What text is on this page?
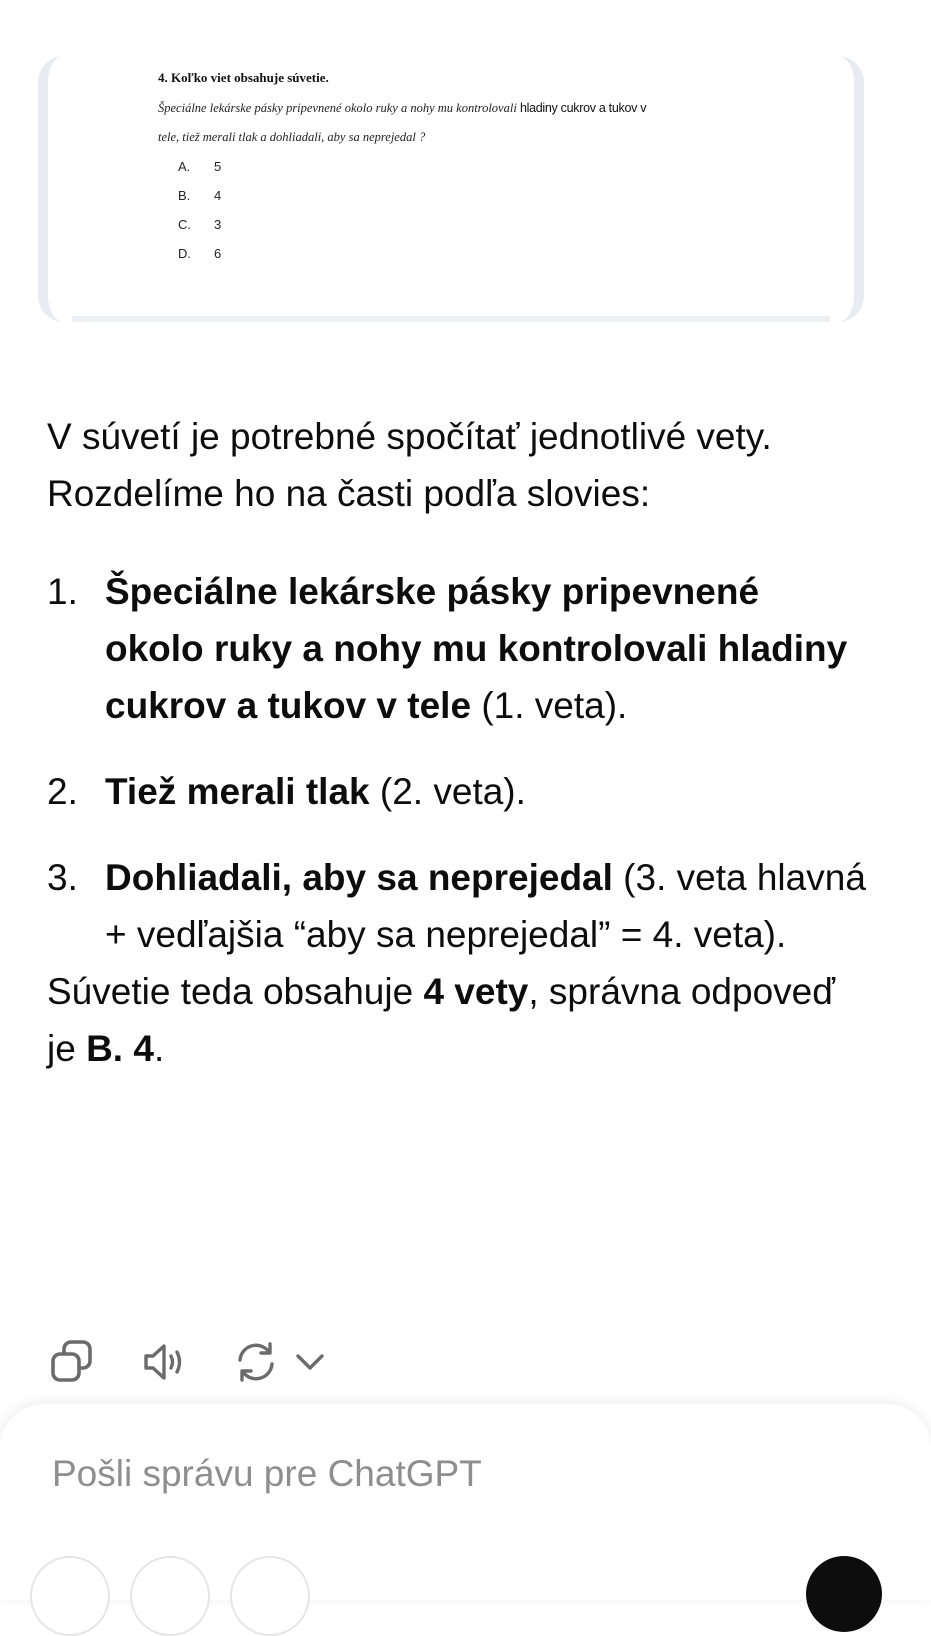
4. Koľko viet obsahuje súvetie.
Špeciálne lekárske pásky pripevnené okolo ruky a nohy mu kontrolovali hladiny cukrov a tukov v
tele, tiež merali tlak a dohliadali, aby sa neprejedal ?
A.	5
B.	4
C.	3
D.	6

V súvetí je potrebné spočítať jednotlivé vety. Rozdelíme ho na časti podľa slovies:

1. Špeciálne lekárske pásky pripevnené okolo ruky a nohy mu kontrolovali hladiny cukrov a tukov v tele (1. veta).
2. Tiež merali tlak (2. veta).
3. Dohliadali, aby sa neprejedal (3. veta hlavná + vedľajšia “aby sa neprejedal” = 4. veta).

Súvetie teda obsahuje 4 vety, správna odpoveď je B. 4.

Pošli správu pre ChatGPT
